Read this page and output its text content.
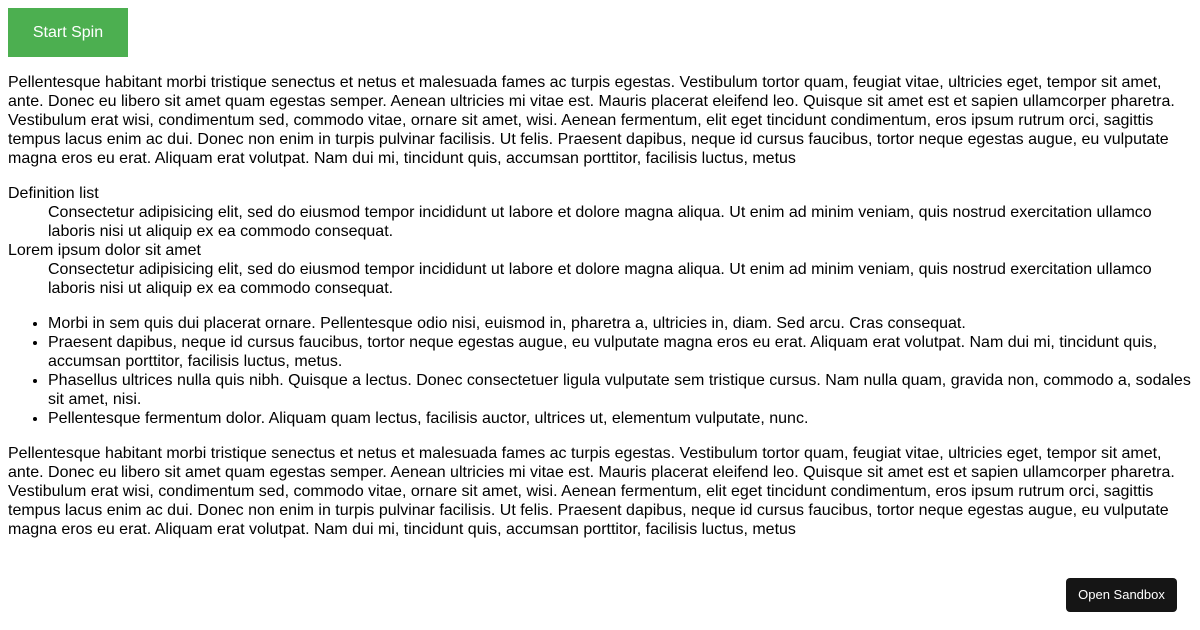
Start Spin

Pellentesque habitant morbi tristique senectus et netus et malesuada fames ac turpis egestas. Vestibulum tortor quam, feugiat vitae, ultricies eget, tempor sit amet, ante. Donec eu libero sit amet quam egestas semper. Aenean ultricies mi vitae est. Mauris placerat eleifend leo. Quisque sit amet est et sapien ullamcorper pharetra. Vestibulum erat wisi, condimentum sed, commodo vitae, ornare sit amet, wisi. Aenean fermentum, elit eget tincidunt condimentum, eros ipsum rutrum orci, sagittis tempus lacus enim ac dui. Donec non enim in turpis pulvinar facilisis. Ut felis. Praesent dapibus, neque id cursus faucibus, tortor neque egestas augue, eu vulputate magna eros eu erat. Aliquam erat volutpat. Nam dui mi, tincidunt quis, accumsan porttitor, facilisis luctus, metus

Definition list
Consectetur adipisicing elit, sed do eiusmod tempor incididunt ut labore et dolore magna aliqua. Ut enim ad minim veniam, quis nostrud exercitation ullamco laboris nisi ut aliquip ex ea commodo consequat.
Lorem ipsum dolor sit amet
Consectetur adipisicing elit, sed do eiusmod tempor incididunt ut labore et dolore magna aliqua. Ut enim ad minim veniam, quis nostrud exercitation ullamco laboris nisi ut aliquip ex ea commodo consequat.
• Morbi in sem quis dui placerat ornare. Pellentesque odio nisi, euismod in, pharetra a, ultricies in, diam. Sed arcu. Cras consequat.
• Praesent dapibus, neque id cursus faucibus, tortor neque egestas augue, eu vulputate magna eros eu erat. Aliquam erat volutpat. Nam dui mi, tincidunt quis, accumsan porttitor, facilisis luctus, metus.
• Phasellus ultrices nulla quis nibh. Quisque a lectus. Donec consectetuer ligula vulputate sem tristique cursus. Nam nulla quam, gravida non, commodo a, sodales sit amet, nisi.
• Pellentesque fermentum dolor. Aliquam quam lectus, facilisis auctor, ultrices ut, elementum vulputate, nunc.

Pellentesque habitant morbi tristique senectus et netus et malesuada fames ac turpis egestas. Vestibulum tortor quam, feugiat vitae, ultricies eget, tempor sit amet, ante. Donec eu libero sit amet quam egestas semper. Aenean ultricies mi vitae est. Mauris placerat eleifend leo. Quisque sit amet est et sapien ullamcorper pharetra. Vestibulum erat wisi, condimentum sed, commodo vitae, ornare sit amet, wisi. Aenean fermentum, elit eget tincidunt condimentum, eros ipsum rutrum orci, sagittis tempus lacus enim ac dui. Donec non enim in turpis pulvinar facilisis. Ut felis. Praesent dapibus, neque id cursus faucibus, tortor neque egestas augue, eu vulputate magna eros eu erat. Aliquam erat volutpat. Nam dui mi, tincidunt quis, accumsan porttitor, facilisis luctus, metus

Open Sandbox
